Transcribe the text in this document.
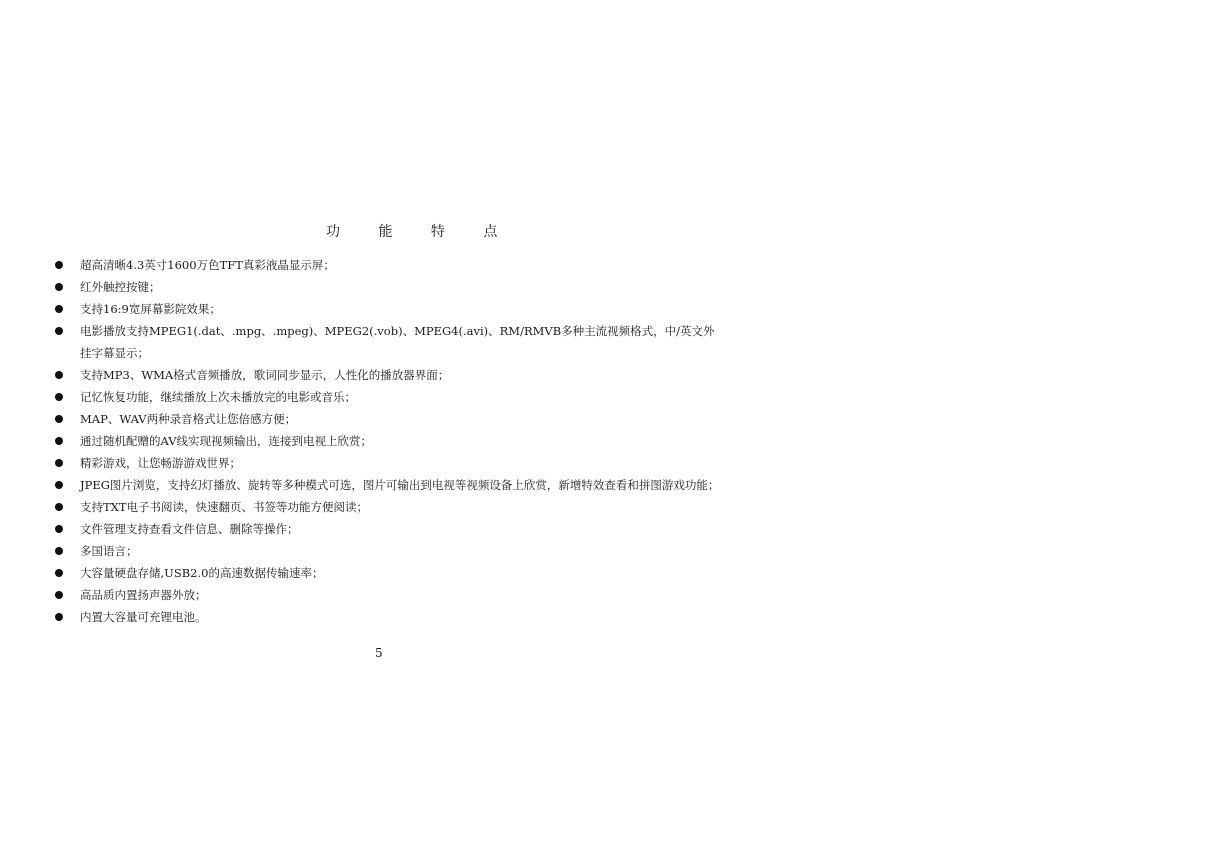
功 能 特 点
超高清晰4.3英寸1600万色TFT真彩液晶显示屏；
红外触控按键；
支持16:9宽屏幕影院效果；
电影播放支持MPEG1(.dat、.mpg、.mpeg)、MPEG2(.vob)、MPEG4(.avi)、RM/RMVB多种主流视频格式，中/英文外挂字幕显示；
支持MP3、WMA格式音频播放，歌词同步显示，人性化的播放器界面；
记忆恢复功能，继续播放上次未播放完的电影或音乐；
MAP、WAV两种录音格式让您倍感方便；
通过随机配赠的AV线实现视频输出，连接到电视上欣赏；
精彩游戏，让您畅游游戏世界；
JPEG图片浏览，支持幻灯播放、旋转等多种模式可选，图片可输出到电视等视频设备上欣赏，新增特效查看和拼图游戏功能；
支持TXT电子书阅读，快速翻页、书签等功能方便阅读；
文件管理支持查看文件信息、删除等操作；
多国语言；
大容量硬盘存储,USB2.0的高速数据传输速率；
高品质内置扬声器外放；
内置大容量可充锂电池。
5
